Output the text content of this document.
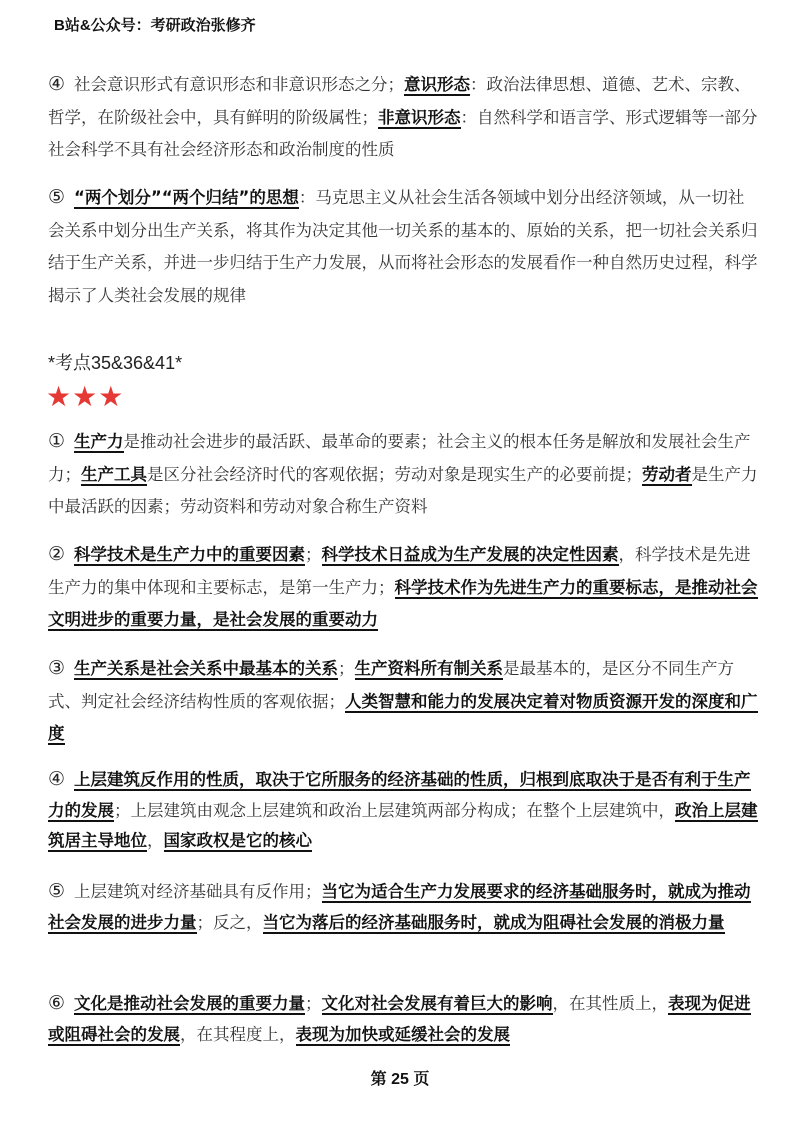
B站&公众号：考研政治张修齐
④ 社会意识形式有意识形态和非意识形态之分；意识形态：政治法律思想、道德、艺术、宗教、哲学，在阶级社会中，具有鲜明的阶级属性；非意识形态：自然科学和语言学、形式逻辑等一部分社会科学不具有社会经济形态和政治制度的性质
⑤ “两个划分”“两个归结”的思想：马克思主义从社会生活各领域中划分出经济领域，从一切社会关系中划分出生产关系，将其作为决定其他一切关系的基本的、原始的关系，把一切社会关系归结于生产关系，并进一步归结于生产力发展，从而将社会形态的发展看作一种自然历史过程，科学揭示了人类社会发展的规律
*考点35&36&41*
★★★
① 生产力是推动社会进步的最活跃、最革命的要素；社会主义的根本任务是解放和发展社会生产力；生产工具是区分社会经济时代的客观依据；劳动对象是现实生产的必要前提；劳动者是生产力中最活跃的因素；劳动资料和劳动对象合称生产资料
② 科学技术是生产力中的重要因素；科学技术日益成为生产发展的决定性因素，科学技术是先进生产力的集中体现和主要标志，是第一生产力；科学技术作为先进生产力的重要标志，是推动社会文明进步的重要力量，是社会发展的重要动力
③ 生产关系是社会关系中最基本的关系；生产资料所有制关系是最基本的，是区分不同生产方式、判定社会经济结构性质的客观依据；人类智慧和能力的发展决定着对物质资源开发的深度和广度
④ 上层建筑反作用的性质，取决于它所服务的经济基础的性质，归根到底取决于是否有利于生产力的发展；上层建筑由观念上层建筑和政治上层建筑两部分构成；在整个上层建筑中，政治上层建筑居主导地位，国家政权是它的核心
⑤ 上层建筑对经济基础具有反作用；当它为适合生产力发展要求的经济基础服务时，就成为推动社会发展的进步力量；反之，当它为落后的经济基础服务时，就成为阻碍社会发展的消极力量
⑥ 文化是推动社会发展的重要力量；文化对社会发展有着巨大的影响，在其性质上，表现为促进或阻碍社会的发展，在其程度上，表现为加快或延缓社会的发展
第 25 页
